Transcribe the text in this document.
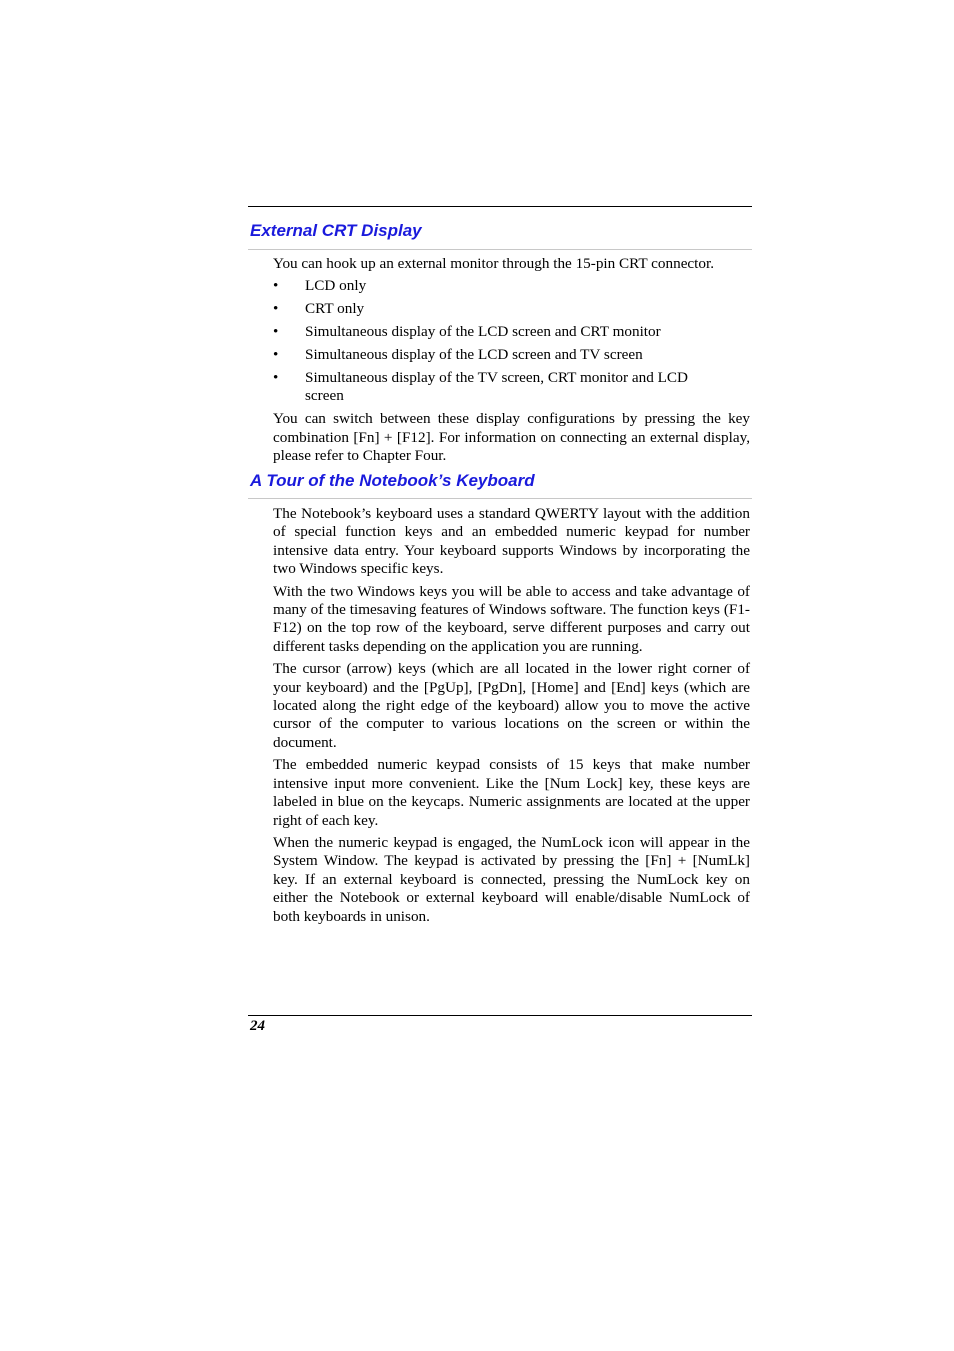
External CRT Display

You can hook up an external monitor through the 15-pin CRT connector.

• LCD only
• CRT only
• Simultaneous display of the LCD screen and CRT monitor
• Simultaneous display of the LCD screen and TV screen
• Simultaneous display of the TV screen, CRT monitor and LCD screen

You can switch between these display configurations by pressing the key combination [Fn] + [F12]. For information on connecting an external display, please refer to Chapter Four.

A Tour of the Notebook’s Keyboard

The Notebook’s keyboard uses a standard QWERTY layout with the addition of special function keys and an embedded numeric keypad for number intensive data entry. Your keyboard supports Windows by incorporating the two Windows specific keys.

With the two Windows keys you will be able to access and take advantage of many of the timesaving features of Windows software. The function keys (F1-F12) on the top row of the keyboard, serve different purposes and carry out different tasks depending on the application you are running.

The cursor (arrow) keys (which are all located in the lower right corner of your keyboard) and the [PgUp], [PgDn], [Home] and [End] keys (which are located along the right edge of the keyboard) allow you to move the active cursor of the computer to various locations on the screen or within the document.

The embedded numeric keypad consists of 15 keys that make number intensive input more convenient. Like the [Num Lock] key, these keys are labeled in blue on the keycaps. Numeric assignments are located at the upper right of each key.

When the numeric keypad is engaged, the NumLock icon will appear in the System Window. The keypad is activated by pressing the [Fn] + [NumLk] key. If an external keyboard is connected, pressing the NumLock key on either the Notebook or external keyboard will enable/disable NumLock of both keyboards in unison.

24
